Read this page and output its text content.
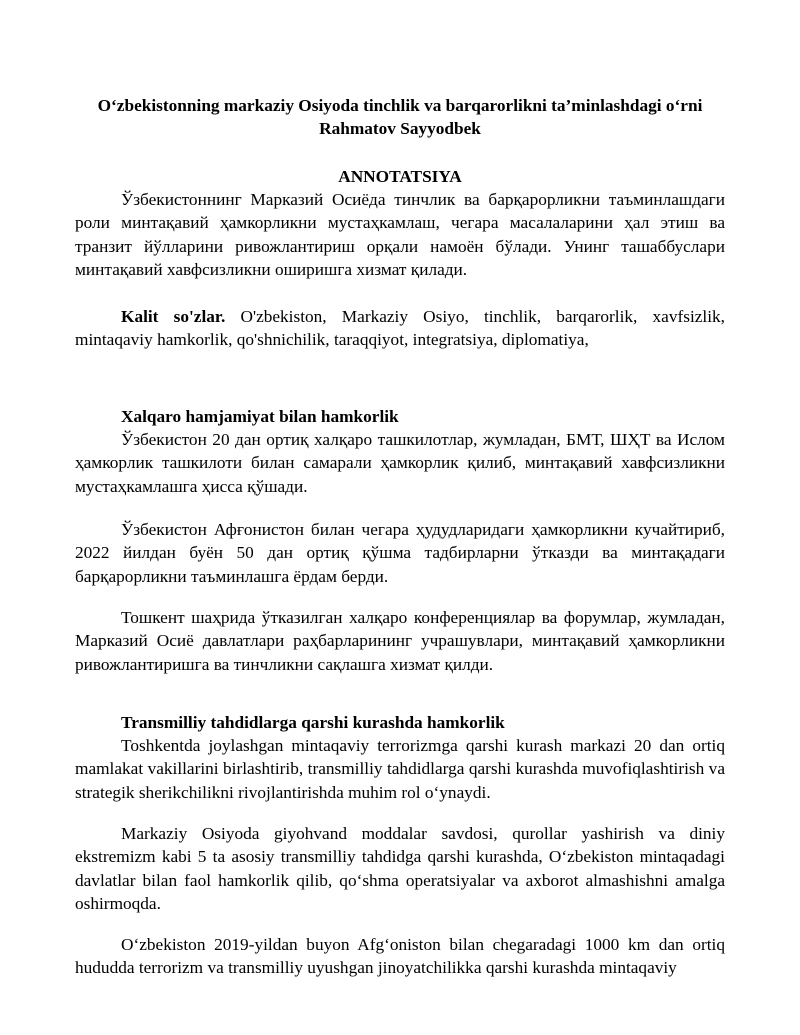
O‘zbekistonning markaziy Osiyoda tinchlik va barqarorlikni ta’minlashdagi o‘rni
Rahmatov Sayyodbek
ANNOTATSIYA
Ўзбекистоннинг Марказий Осиёда тинчлик ва барқарорликни таъминлашдаги роли минтақавий ҳамкорликни мустаҳкамлаш, чегара масалаларини ҳал этиш ва транзит йўлларини ривожлантириш орқали намоён бўлади. Унинг ташаббуслари минтақавий хавфсизликни оширишга хизмат қилади.
Kalit so'zlar. O'zbekiston, Markaziy Osiyo, tinchlik, barqarorlik, xavfsizlik, mintaqaviy hamkorlik, qo'shnichilik, taraqqiyot, integratsiya, diplomatiya,
Xalqaro hamjamiyat bilan hamkorlik
Ўзбекистон 20 дан ортиқ халқаро ташкилотлар, жумладан, БМТ, ШҲТ ва Ислом ҳамкорлик ташкилоти билан самарали ҳамкорлик қилиб, минтақавий хавфсизликни мустаҳкамлашга ҳисса қўшади.
Ўзбекистон Афғонистон билан чегара ҳудудларидаги ҳамкорликни кучайтириб, 2022 йилдан буён 50 дан ортиқ қўшма тадбирларни ўтказди ва минтақадаги барқарорликни таъминлашга ёрдам берди.
Тошкент шаҳрида ўтказилган халқаро конференциялар ва форумлар, жумладан, Марказий Осиё давлатлари раҳбарларининг учрашувлари, минтақавий ҳамкорликни ривожлантиришга ва тинчликни сақлашга хизмат қилди.
Transmilliy tahdidlarga qarshi kurashda hamkorlik
Toshkentda joylashgan mintaqaviy terrorizmga qarshi kurash markazi 20 dan ortiq mamlakat vakillarini birlashtirib, transmilliy tahdidlarga qarshi kurashda muvofiqlashtirish va strategik sherikchilikni rivojlantirishda muhim rol o‘ynaydi.
Markaziy Osiyoda giyohvand moddalar savdosi, qurollar yashirish va diniy ekstremizm kabi 5 ta asosiy transmilliy tahdidga qarshi kurashda, O‘zbekiston mintaqadagi davlatlar bilan faol hamkorlik qilib, qo‘shma operatsiyalar va axborot almashishni amalga oshirmoqda.
O‘zbekiston 2019-yildan buyon Afg‘oniston bilan chegaradagi 1000 km dan ortiq hududda terrorizm va transmilliy uyushgan jinoyatchilikka qarshi kurashda mintaqaviy
